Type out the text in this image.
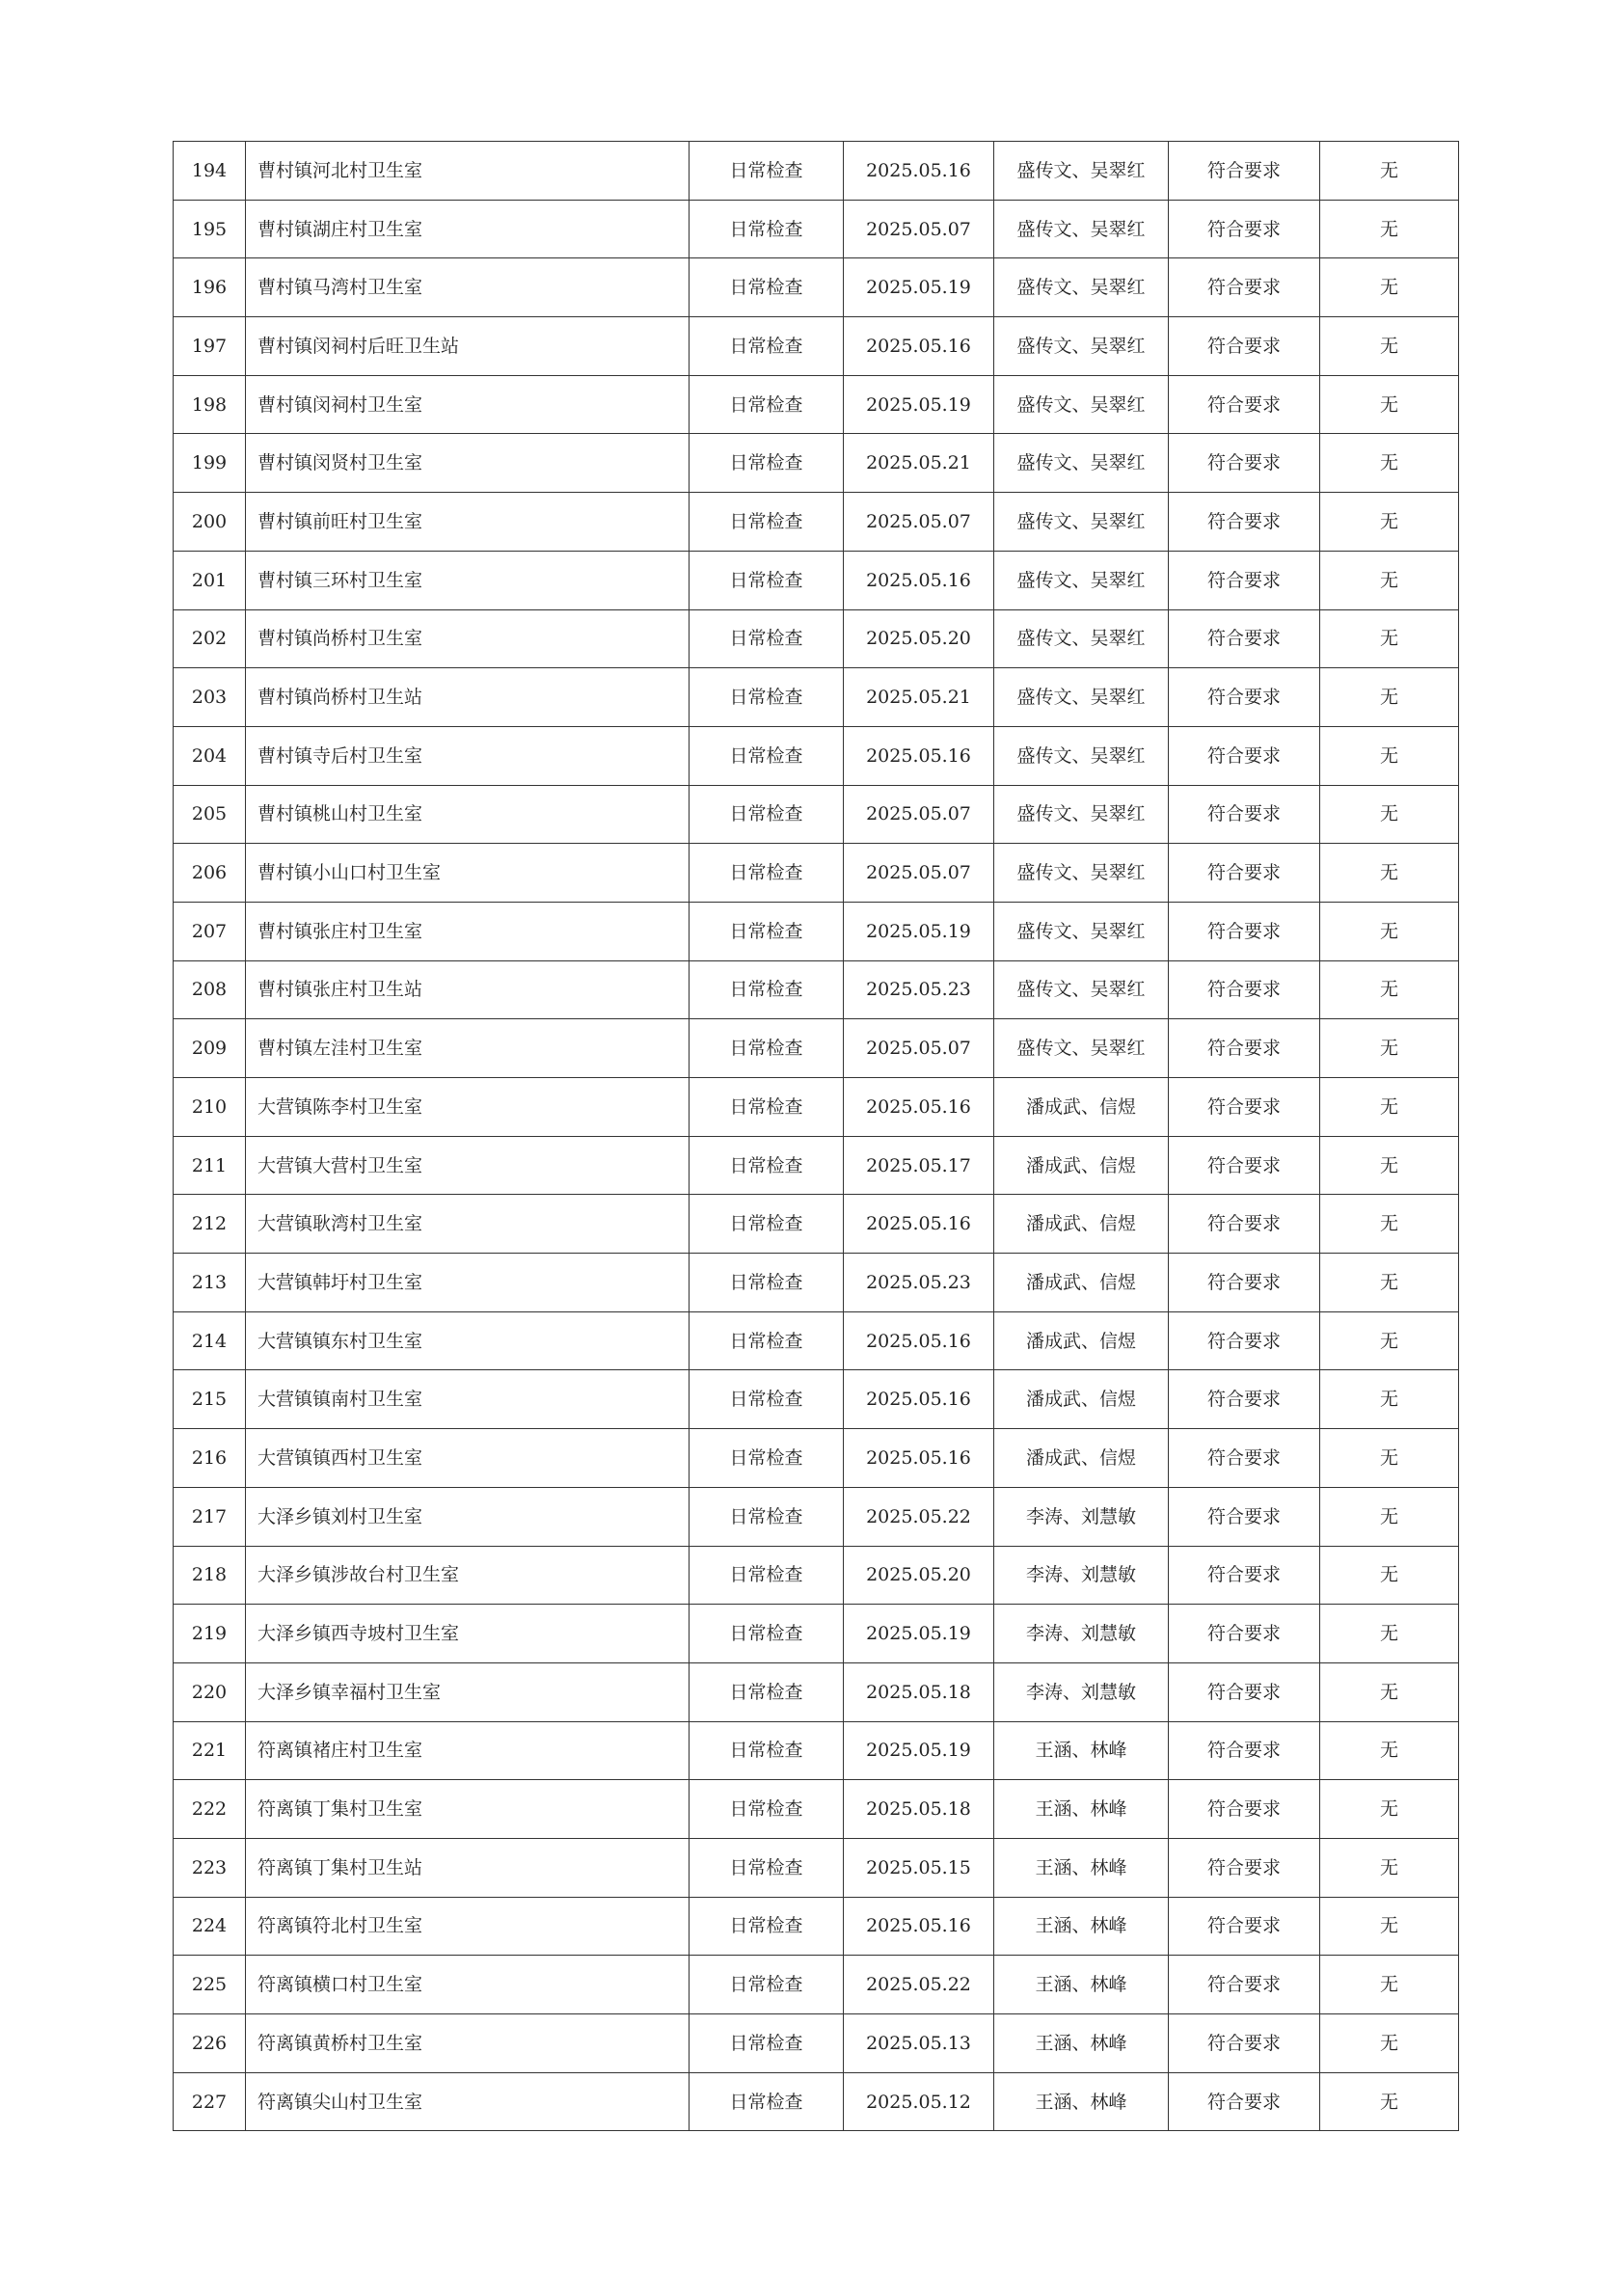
194	曹村镇河北村卫生室	日常检查	2025.05.16	盛传文、吴翠红	符合要求	无
195	曹村镇湖庄村卫生室	日常检查	2025.05.07	盛传文、吴翠红	符合要求	无
196	曹村镇马湾村卫生室	日常检查	2025.05.19	盛传文、吴翠红	符合要求	无
197	曹村镇闵祠村后旺卫生站	日常检查	2025.05.16	盛传文、吴翠红	符合要求	无
198	曹村镇闵祠村卫生室	日常检查	2025.05.19	盛传文、吴翠红	符合要求	无
199	曹村镇闵贤村卫生室	日常检查	2025.05.21	盛传文、吴翠红	符合要求	无
200	曹村镇前旺村卫生室	日常检查	2025.05.07	盛传文、吴翠红	符合要求	无
201	曹村镇三环村卫生室	日常检查	2025.05.16	盛传文、吴翠红	符合要求	无
202	曹村镇尚桥村卫生室	日常检查	2025.05.20	盛传文、吴翠红	符合要求	无
203	曹村镇尚桥村卫生站	日常检查	2025.05.21	盛传文、吴翠红	符合要求	无
204	曹村镇寺后村卫生室	日常检查	2025.05.16	盛传文、吴翠红	符合要求	无
205	曹村镇桃山村卫生室	日常检查	2025.05.07	盛传文、吴翠红	符合要求	无
206	曹村镇小山口村卫生室	日常检查	2025.05.07	盛传文、吴翠红	符合要求	无
207	曹村镇张庄村卫生室	日常检查	2025.05.19	盛传文、吴翠红	符合要求	无
208	曹村镇张庄村卫生站	日常检查	2025.05.23	盛传文、吴翠红	符合要求	无
209	曹村镇左洼村卫生室	日常检查	2025.05.07	盛传文、吴翠红	符合要求	无
210	大营镇陈李村卫生室	日常检查	2025.05.16	潘成武、信煜	符合要求	无
211	大营镇大营村卫生室	日常检查	2025.05.17	潘成武、信煜	符合要求	无
212	大营镇耿湾村卫生室	日常检查	2025.05.16	潘成武、信煜	符合要求	无
213	大营镇韩圩村卫生室	日常检查	2025.05.23	潘成武、信煜	符合要求	无
214	大营镇镇东村卫生室	日常检查	2025.05.16	潘成武、信煜	符合要求	无
215	大营镇镇南村卫生室	日常检查	2025.05.16	潘成武、信煜	符合要求	无
216	大营镇镇西村卫生室	日常检查	2025.05.16	潘成武、信煜	符合要求	无
217	大泽乡镇刘村卫生室	日常检查	2025.05.22	李涛、刘慧敏	符合要求	无
218	大泽乡镇涉故台村卫生室	日常检查	2025.05.20	李涛、刘慧敏	符合要求	无
219	大泽乡镇西寺坡村卫生室	日常检查	2025.05.19	李涛、刘慧敏	符合要求	无
220	大泽乡镇幸福村卫生室	日常检查	2025.05.18	李涛、刘慧敏	符合要求	无
221	符离镇褚庄村卫生室	日常检查	2025.05.19	王涵、林峰	符合要求	无
222	符离镇丁集村卫生室	日常检查	2025.05.18	王涵、林峰	符合要求	无
223	符离镇丁集村卫生站	日常检查	2025.05.15	王涵、林峰	符合要求	无
224	符离镇符北村卫生室	日常检查	2025.05.16	王涵、林峰	符合要求	无
225	符离镇横口村卫生室	日常检查	2025.05.22	王涵、林峰	符合要求	无
226	符离镇黄桥村卫生室	日常检查	2025.05.13	王涵、林峰	符合要求	无
227	符离镇尖山村卫生室	日常检查	2025.05.12	王涵、林峰	符合要求	无
